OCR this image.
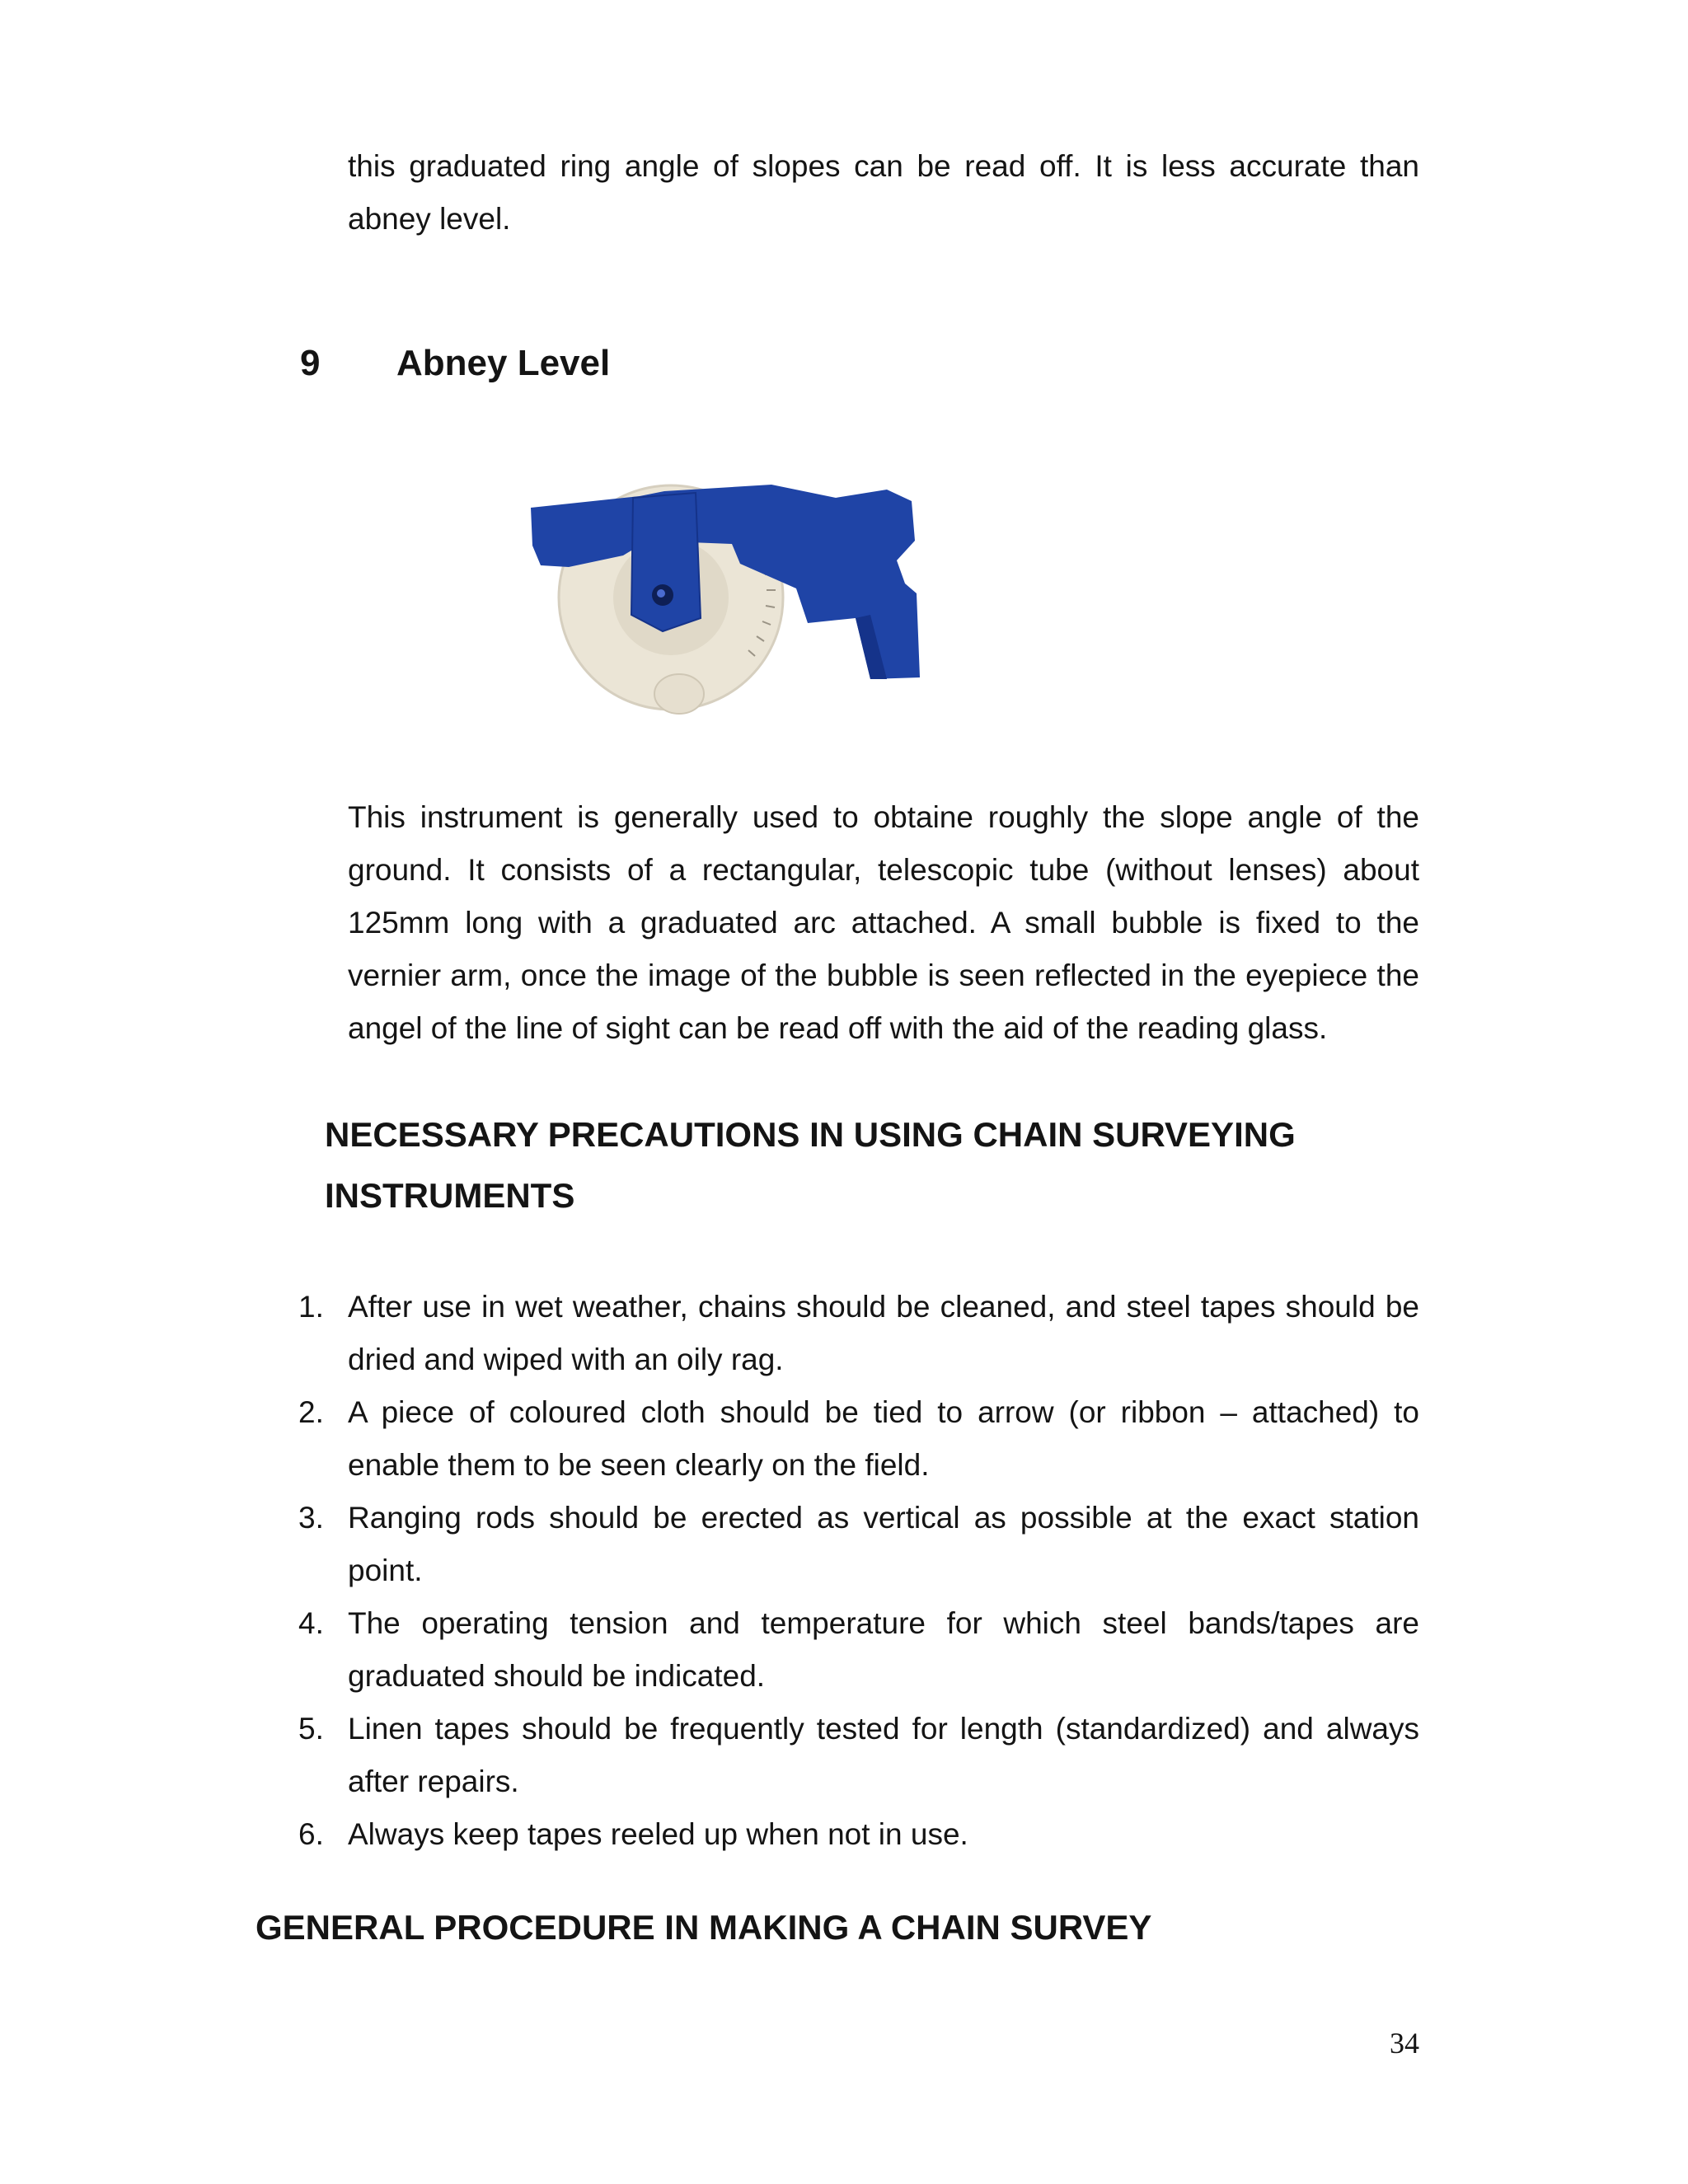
this graduated ring angle of slopes can be read off. It is less accurate than abney level.

9 Abney Level

This instrument is generally used to obtaine roughly the slope angle of the ground. It consists of a rectangular, telescopic tube (without lenses) about 125mm long with a graduated arc attached. A small bubble is fixed to the vernier arm, once the image of the bubble is seen reflected in the eyepiece the angel of the line of sight can be read off with the aid of the reading glass.

NECESSARY PRECAUTIONS IN USING CHAIN SURVEYING
INSTRUMENTS
1. After use in wet weather, chains should be cleaned, and steel tapes should be dried and wiped with an oily rag.
2. A piece of coloured cloth should be tied to arrow (or ribbon – attached) to enable them to be seen clearly on the field.
3. Ranging rods should be erected as vertical as possible at the exact station point.
4. The operating tension and temperature for which steel bands/tapes are graduated should be indicated.
5. Linen tapes should be frequently tested for length (standardized) and always after repairs.
6. Always keep tapes reeled up when not in use.
GENERAL PROCEDURE IN MAKING A CHAIN SURVEY
34
